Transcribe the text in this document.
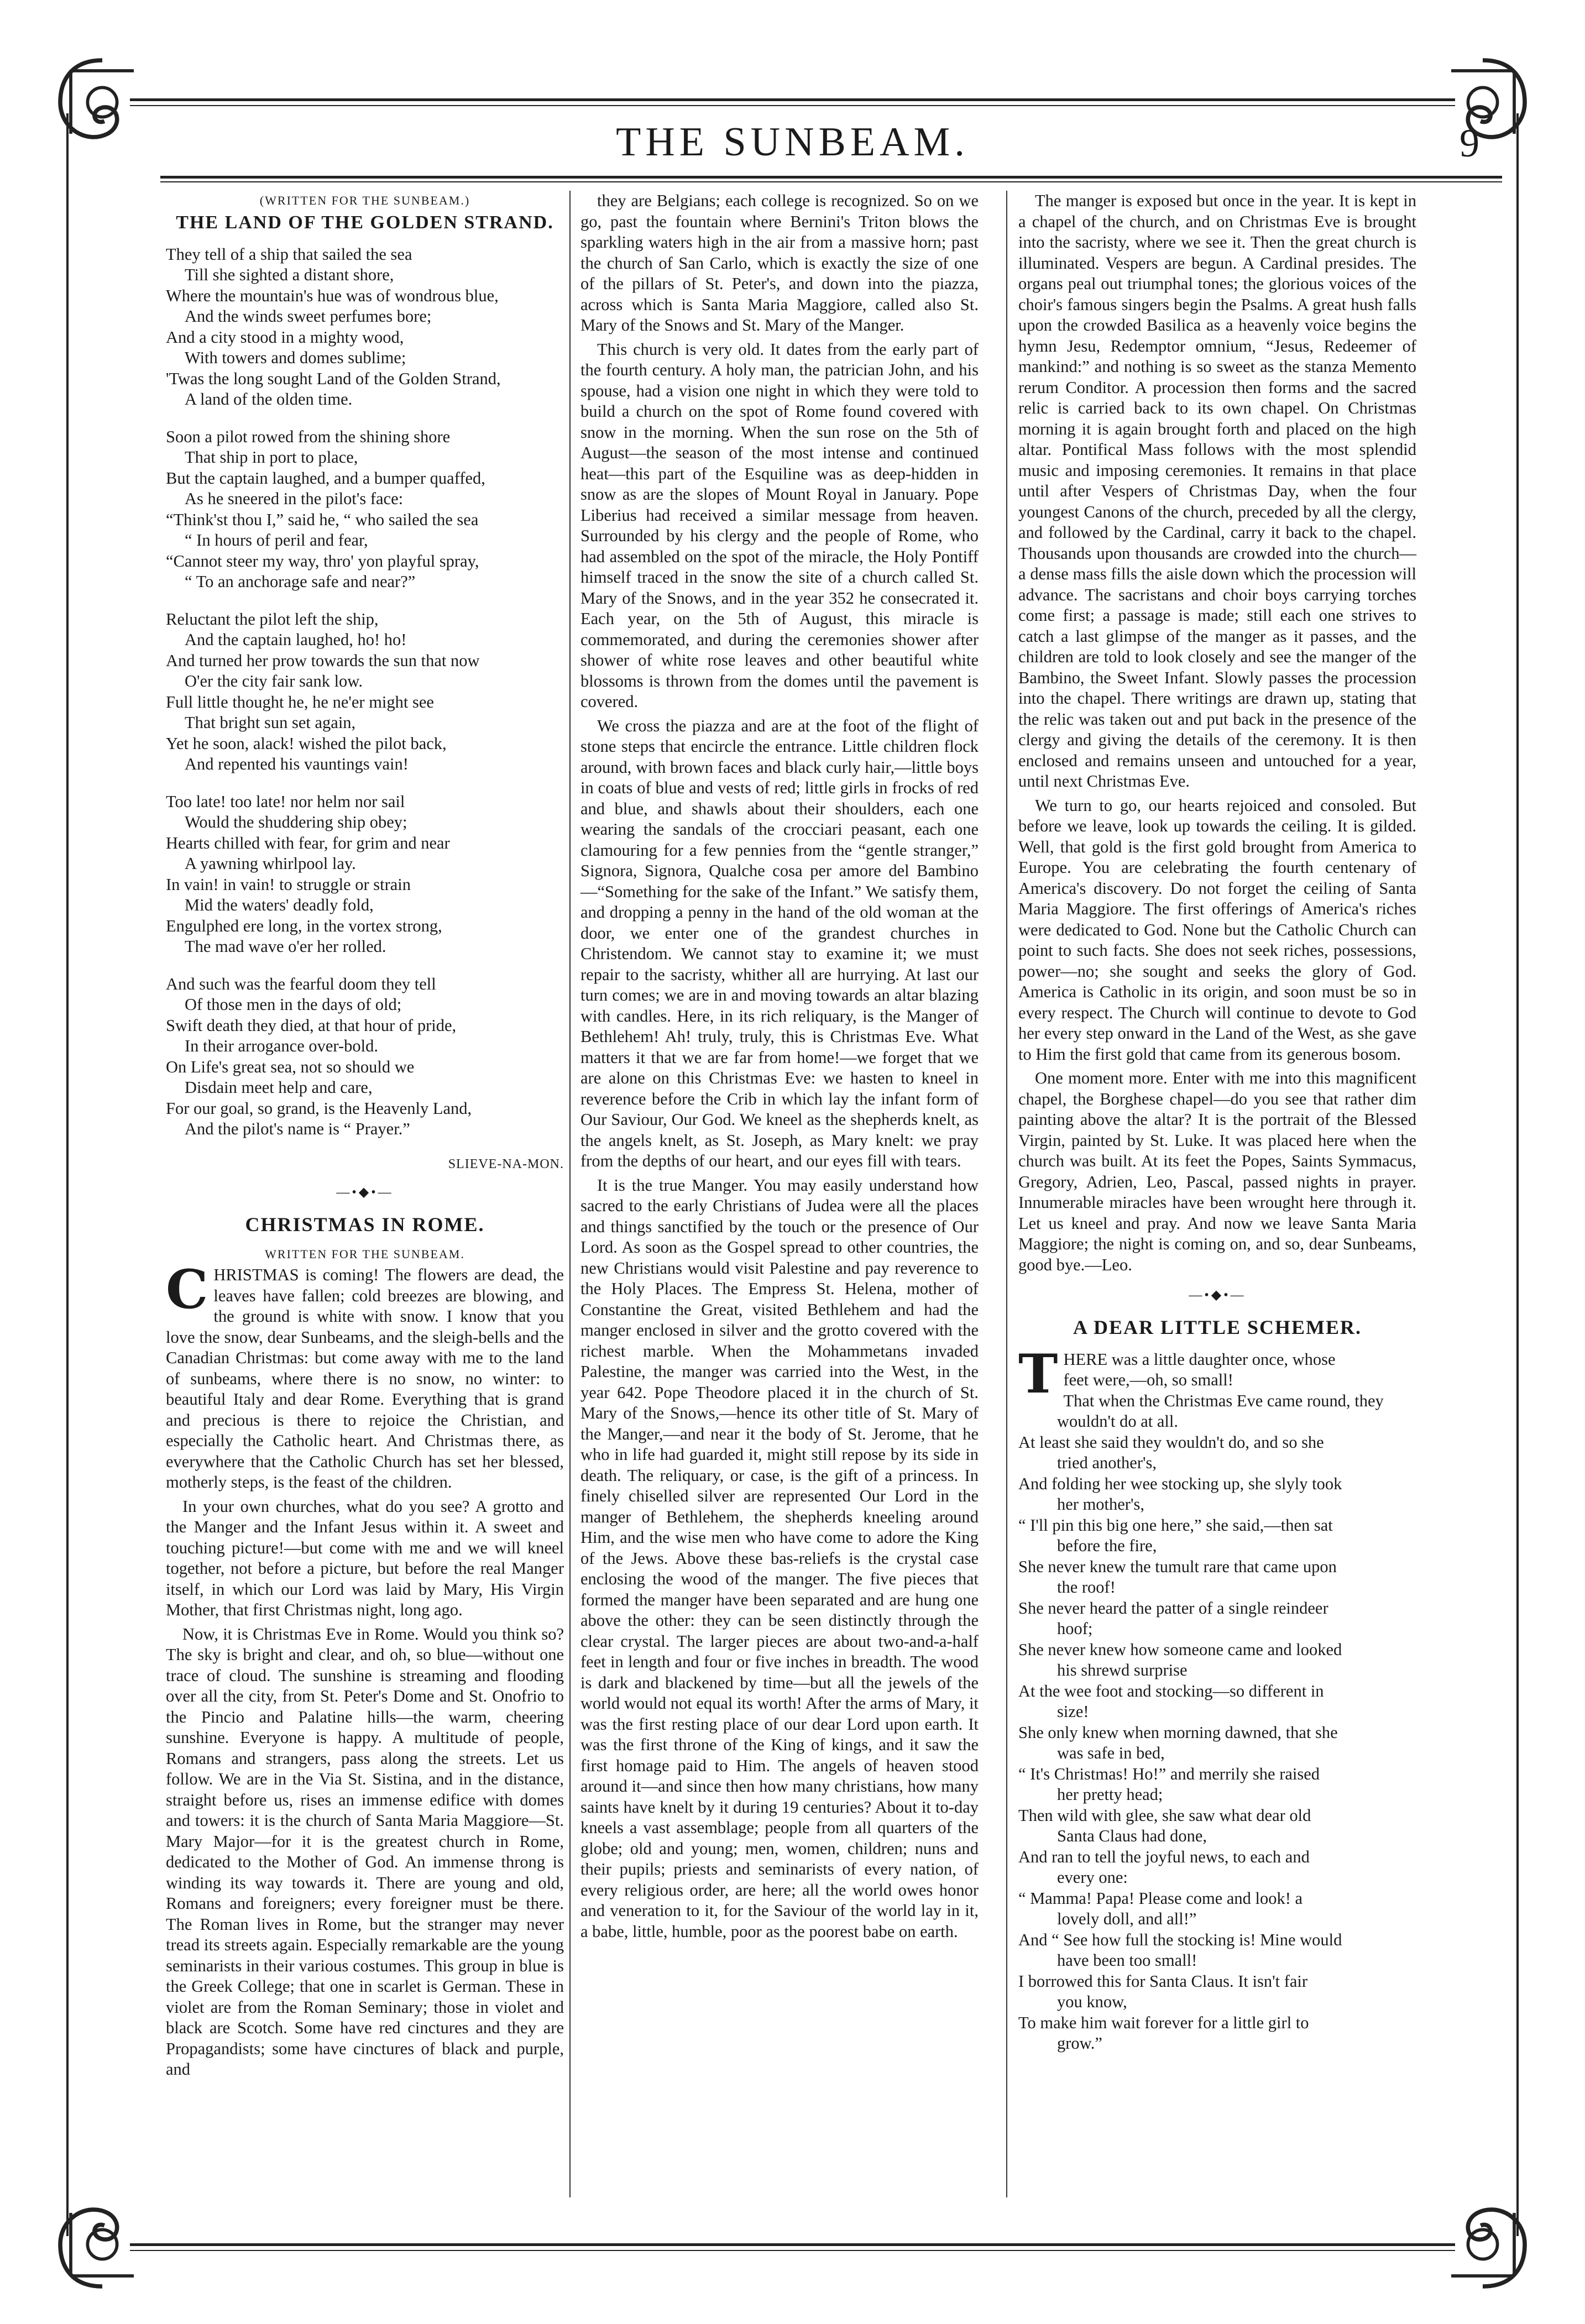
THE SUNBEAM.	9
(WRITTEN FOR THE SUNBEAM.)
THE LAND OF THE GOLDEN STRAND.

They tell of a ship that sailed the sea

Till she sighted a distant shore,

Where the mountain's hue was of wondrous blue,

And the winds sweet perfumes bore;

And a city stood in a mighty wood,

With towers and domes sublime;

'Twas the long sought Land of the Golden Strand,

A land of the olden time.

Soon a pilot rowed from the shining shore

That ship in port to place,

But the captain laughed, and a bumper quaffed,

As he sneered in the pilot's face:

“Think'st thou I,” said he, “ who sailed the sea

“ In hours of peril and fear,

“Cannot steer my way, thro' yon playful spray,

“ To an anchorage safe and near?”

Reluctant the pilot left the ship,

And the captain laughed, ho! ho!

And turned her prow towards the sun that now

O'er the city fair sank low.

Full little thought he, he ne'er might see

That bright sun set again,

Yet he soon, alack! wished the pilot back,

And repented his vauntings vain!

Too late! too late! nor helm nor sail

Would the shuddering ship obey;

Hearts chilled with fear, for grim and near

A yawning whirlpool lay.

In vain! in vain! to struggle or strain

Mid the waters' deadly fold,

Engulphed ere long, in the vortex strong,

The mad wave o'er her rolled.

And such was the fearful doom they tell

Of those men in the days of old;

Swift death they died, at that hour of pride,

In their arrogance over-bold.

On Life's great sea, not so should we

Disdain meet help and care,

For our goal, so grand, is the Heavenly Land,

And the pilot's name is “ Prayer.”

SLIEVE-NA-MON.
—•◆•—
CHRISTMAS IN ROME.
WRITTEN FOR THE SUNBEAM.

CHRISTMAS is coming! The flowers are dead, the leaves have fallen; cold breezes are blowing, and the ground is white with snow. I know that you love the snow, dear Sunbeams, and the sleigh-bells and the Canadian Christmas: but come away with me to the land of sunbeams, where there is no snow, no winter: to beautiful Italy and dear Rome. Everything that is grand and precious is there to rejoice the Christian, and especially the Catholic heart. And Christmas there, as everywhere that the Catholic Church has set her blessed, motherly steps, is the feast of the children.

In your own churches, what do you see? A grotto and the Manger and the Infant Jesus within it. A sweet and touching picture!—but come with me and we will kneel together, not before a picture, but before the real Manger itself, in which our Lord was laid by Mary, His Virgin Mother, that first Christmas night, long ago.

Now, it is Christmas Eve in Rome. Would you think so? The sky is bright and clear, and oh, so blue—without one trace of cloud. The sunshine is streaming and flooding over all the city, from St. Peter's Dome and St. Onofrio to the Pincio and Palatine hills—the warm, cheering sunshine. Everyone is happy. A multitude of people, Romans and strangers, pass along the streets. Let us follow. We are in the Via St. Sistina, and in the distance, straight before us, rises an immense edifice with domes and towers: it is the church of Santa Maria Maggiore—St. Mary Major—for it is the greatest church in Rome, dedicated to the Mother of God. An immense throng is winding its way towards it. There are young and old, Romans and foreigners; every foreigner must be there. The Roman lives in Rome, but the stranger may never tread its streets again. Especially remarkable are the young seminarists in their various costumes. This group in blue is the Greek College; that one in scarlet is German. These in violet are from the Roman Seminary; those in violet and black are Scotch. Some have red cinctures and they are Propagandists; some have cinctures of black and purple, and

they are Belgians; each college is recognized. So on we go, past the fountain where Bernini's Triton blows the sparkling waters high in the air from a massive horn; past the church of San Carlo, which is exactly the size of one of the pillars of St. Peter's, and down into the piazza, across which is Santa Maria Maggiore, called also St. Mary of the Snows and St. Mary of the Manger.

This church is very old. It dates from the early part of the fourth century. A holy man, the patrician John, and his spouse, had a vision one night in which they were told to build a church on the spot of Rome found covered with snow in the morning. When the sun rose on the 5th of August—the season of the most intense and continued heat—this part of the Esquiline was as deep-hidden in snow as are the slopes of Mount Royal in January. Pope Liberius had received a similar message from heaven. Surrounded by his clergy and the people of Rome, who had assembled on the spot of the miracle, the Holy Pontiff himself traced in the snow the site of a church called St. Mary of the Snows, and in the year 352 he consecrated it. Each year, on the 5th of August, this miracle is commemorated, and during the ceremonies shower after shower of white rose leaves and other beautiful white blossoms is thrown from the domes until the pavement is covered.

We cross the piazza and are at the foot of the flight of stone steps that encircle the entrance. Little children flock around, with brown faces and black curly hair,—little boys in coats of blue and vests of red; little girls in frocks of red and blue, and shawls about their shoulders, each one wearing the sandals of the crocciari peasant, each one clamouring for a few pennies from the “gentle stranger,” Signora, Signora, Qualche cosa per amore del Bambino—“Something for the sake of the Infant.” We satisfy them, and dropping a penny in the hand of the old woman at the door, we enter one of the grandest churches in Christendom. We cannot stay to examine it; we must repair to the sacristy, whither all are hurrying. At last our turn comes; we are in and moving towards an altar blazing with candles. Here, in its rich reliquary, is the Manger of Bethlehem! Ah! truly, truly, this is Christmas Eve. What matters it that we are far from home!—we forget that we are alone on this Christmas Eve: we hasten to kneel in reverence before the Crib in which lay the infant form of Our Saviour, Our God. We kneel as the shepherds knelt, as the angels knelt, as St. Joseph, as Mary knelt: we pray from the depths of our heart, and our eyes fill with tears.

It is the true Manger. You may easily understand how sacred to the early Christians of Judea were all the places and things sanctified by the touch or the presence of Our Lord. As soon as the Gospel spread to other countries, the new Christians would visit Palestine and pay reverence to the Holy Places. The Empress St. Helena, mother of Constantine the Great, visited Bethlehem and had the manger enclosed in silver and the grotto covered with the richest marble. When the Mohammetans invaded Palestine, the manger was carried into the West, in the year 642. Pope Theodore placed it in the church of St. Mary of the Snows,—hence its other title of St. Mary of the Manger,—and near it the body of St. Jerome, that he who in life had guarded it, might still repose by its side in death. The reliquary, or case, is the gift of a princess. In finely chiselled silver are represented Our Lord in the manger of Bethlehem, the shepherds kneeling around Him, and the wise men who have come to adore the King of the Jews. Above these bas-reliefs is the crystal case enclosing the wood of the manger. The five pieces that formed the manger have been separated and are hung one above the other: they can be seen distinctly through the clear crystal. The larger pieces are about two-and-a-half feet in length and four or five inches in breadth. The wood is dark and blackened by time—but all the jewels of the world would not equal its worth! After the arms of Mary, it was the first resting place of our dear Lord upon earth. It was the first throne of the King of kings, and it saw the first homage paid to Him. The angels of heaven stood around it—and since then how many christians, how many saints have knelt by it during 19 centuries? About it to-day kneels a vast assemblage; people from all quarters of the globe; old and young; men, women, children; nuns and their pupils; priests and seminarists of every nation, of every religious order, are here; all the world owes honor and veneration to it, for the Saviour of the world lay in it, a babe, little, humble, poor as the poorest babe on earth.

The manger is exposed but once in the year. It is kept in a chapel of the church, and on Christmas Eve is brought into the sacristy, where we see it. Then the great church is illuminated. Vespers are begun. A Cardinal presides. The organs peal out triumphal tones; the glorious voices of the choir's famous singers begin the Psalms. A great hush falls upon the crowded Basilica as a heavenly voice begins the hymn Jesu, Redemptor omnium, “Jesus, Redeemer of mankind:” and nothing is so sweet as the stanza Memento rerum Conditor. A procession then forms and the sacred relic is carried back to its own chapel. On Christmas morning it is again brought forth and placed on the high altar. Pontifical Mass follows with the most splendid music and imposing ceremonies. It remains in that place until after Vespers of Christmas Day, when the four youngest Canons of the church, preceded by all the clergy, and followed by the Cardinal, carry it back to the chapel. Thousands upon thousands are crowded into the church—a dense mass fills the aisle down which the procession will advance. The sacristans and choir boys carrying torches come first; a passage is made; still each one strives to catch a last glimpse of the manger as it passes, and the children are told to look closely and see the manger of the Bambino, the Sweet Infant. Slowly passes the procession into the chapel. There writings are drawn up, stating that the relic was taken out and put back in the presence of the clergy and giving the details of the ceremony. It is then enclosed and remains unseen and untouched for a year, until next Christmas Eve.

We turn to go, our hearts rejoiced and consoled. But before we leave, look up towards the ceiling. It is gilded. Well, that gold is the first gold brought from America to Europe. You are celebrating the fourth centenary of America's discovery. Do not forget the ceiling of Santa Maria Maggiore. The first offerings of America's riches were dedicated to God. None but the Catholic Church can point to such facts. She does not seek riches, possessions, power—no; she sought and seeks the glory of God. America is Catholic in its origin, and soon must be so in every respect. The Church will continue to devote to God her every step onward in the Land of the West, as she gave to Him the first gold that came from its generous bosom.

One moment more. Enter with me into this magnificent chapel, the Borghese chapel—do you see that rather dim painting above the altar? It is the portrait of the Blessed Virgin, painted by St. Luke. It was placed here when the church was built. At its feet the Popes, Saints Symmacus, Gregory, Adrien, Leo, Pascal, passed nights in prayer. Innumerable miracles have been wrought here through it. Let us kneel and pray. And now we leave Santa Maria Maggiore; the night is coming on, and so, dear Sunbeams, good bye.—Leo.

—•◆•—
A DEAR LITTLE SCHEMER.
T HERE was a little daughter once, whose

feet were,—oh, so small!

That when the Christmas Eve came round, they

wouldn't do at all.

At least she said they wouldn't do, and so she

tried another's,

And folding her wee stocking up, she slyly took

her mother's,

“ I'll pin this big one here,” she said,—then sat

before the fire,

She never knew the tumult rare that came upon

the roof!

She never heard the patter of a single reindeer

hoof;

She never knew how someone came and looked

his shrewd surprise

At the wee foot and stocking—so different in

size!

She only knew when morning dawned, that she

was safe in bed,

“ It's Christmas! Ho!” and merrily she raised

her pretty head;

Then wild with glee, she saw what dear old

Santa Claus had done,

And ran to tell the joyful news, to each and

every one:

“ Mamma! Papa! Please come and look! a

lovely doll, and all!”

And “ See how full the stocking is! Mine would

have been too small!

I borrowed this for Santa Claus. It isn't fair

you know,

To make him wait forever for a little girl to

grow.”
